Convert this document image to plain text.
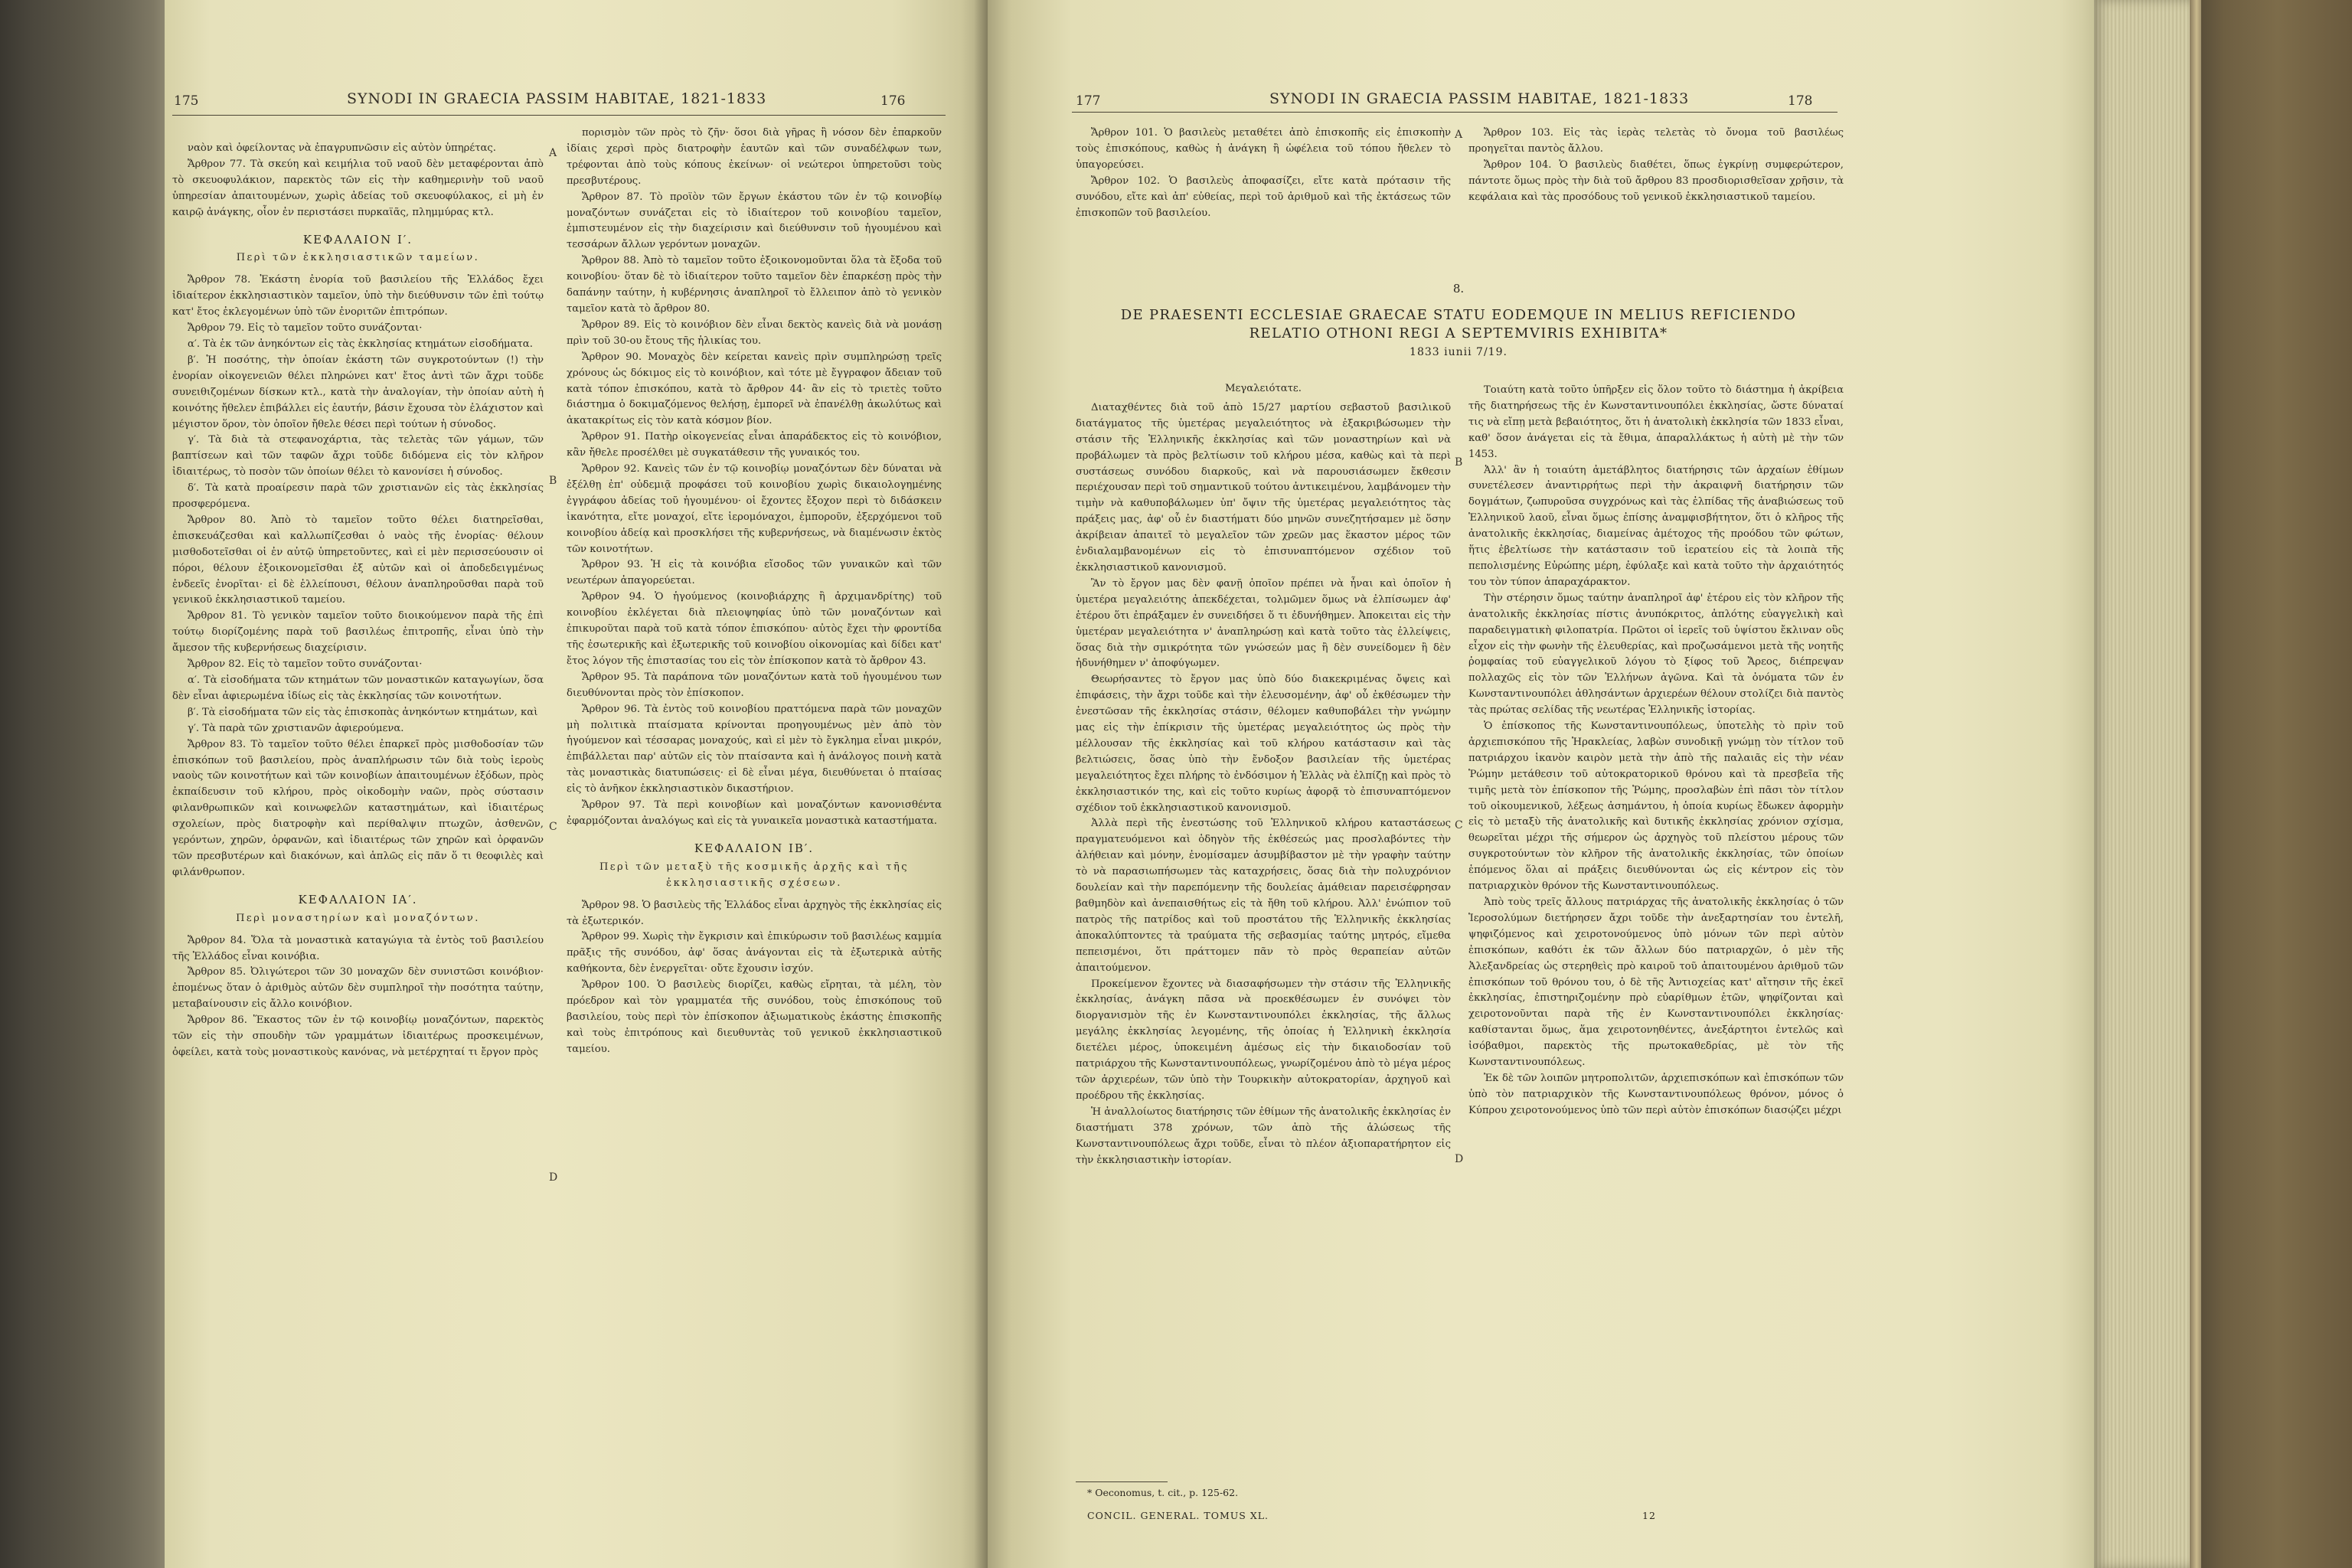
175	SYNODI IN GRAECIA PASSIM HABITAE, 1821-1833	176

ναὸν καὶ ὀφείλοντας νὰ ἐπαγρυπνῶσιν εἰς αὐτὸν ὑπηρέτας.

Ἄρθρον 77. Τὰ σκεύη καὶ κειμήλια τοῦ ναοῦ δὲν μεταφέρονται ἀπὸ τὸ σκευοφυλάκιον, παρεκτὸς τῶν εἰς τὴν καθημερινὴν τοῦ ναοῦ ὑπηρεσίαν ἀπαιτουμένων, χωρὶς ἀδείας τοῦ σκευοφύλακος, εἰ μὴ ἐν καιρῷ ἀνάγκης, οἷον ἐν περιστάσει πυρκαϊᾶς, πλημμύρας κτλ.

ΚΕΦΑΛΑΙΟΝ Ι′.

Περὶ τῶν ἐκκλησιαστικῶν ταμείων.

Ἄρθρον 78. Ἑκάστη ἐνορία τοῦ βασιλείου τῆς Ἑλλάδος ἔχει ἰδιαίτερον ἐκκλησιαστικὸν ταμεῖον, ὑπὸ τὴν διεύθυνσιν τῶν ἐπὶ τούτῳ κατ' ἔτος ἐκλεγομένων ὑπὸ τῶν ἐνοριτῶν ἐπιτρόπων.

Ἄρθρον 79. Εἰς τὸ ταμεῖον τοῦτο συνάζονται·

α′. Τὰ ἐκ τῶν ἀνηκόντων εἰς τὰς ἐκκλησίας κτημάτων εἰσοδήματα.

β′. Ἡ ποσότης, τὴν ὁποίαν ἑκάστη τῶν συγκροτούντων (!) τὴν ἐνορίαν οἰκογενειῶν θέλει πληρώνει κατ' ἔτος ἀντὶ τῶν ἄχρι τοῦδε συνειθιζομένων δίσκων κτλ., κατὰ τὴν ἀναλογίαν, τὴν ὁποίαν αὐτὴ ἡ κοινότης ἤθελεν ἐπιβάλλει εἰς ἑαυτήν, βάσιν ἔχουσα τὸν ἐλάχιστον καὶ μέγιστον ὅρον, τὸν ὁποῖον ἤθελε θέσει περὶ τούτων ἡ σύνοδος.

γ′. Τὰ διὰ τὰ στεφανοχάρτια, τὰς τελετὰς τῶν γάμων, τῶν βαπτίσεων καὶ τῶν ταφῶν ἄχρι τοῦδε διδόμενα εἰς τὸν κλῆρον ἰδιαιτέρως, τὸ ποσὸν τῶν ὁποίων θέλει τὸ κανονίσει ἡ σύνοδος.

δ′. Τὰ κατὰ προαίρεσιν παρὰ τῶν χριστιανῶν εἰς τὰς ἐκκλησίας προσφερόμενα.

Ἄρθρον 80. Ἀπὸ τὸ ταμεῖον τοῦτο θέλει διατηρεῖσθαι, ἐπισκευάζεσθαι καὶ καλλωπίζεσθαι ὁ ναὸς τῆς ἐνορίας· θέλουν μισθοδοτεῖσθαι οἱ ἐν αὐτῷ ὑπηρετοῦντες, καὶ εἰ μὲν περισσεύουσιν οἱ πόροι, θέλουν ἐξοικονομεῖσθαι ἐξ αὐτῶν καὶ οἱ ἀποδεδειγμένως ἐνδεεῖς ἐνορῖται· εἰ δὲ ἐλλείπουσι, θέλουν ἀναπληροῦσθαι παρὰ τοῦ γενικοῦ ἐκκλησιαστικοῦ ταμείου.

Ἄρθρον 81. Τὸ γενικὸν ταμεῖον τοῦτο διοικούμενον παρὰ τῆς ἐπὶ τούτῳ διορίζομένης παρὰ τοῦ βασιλέως ἐπιτροπῆς, εἶναι ὑπὸ τὴν ἄμεσον τῆς κυβερνήσεως διαχείρισιν.

Ἄρθρον 82. Εἰς τὸ ταμεῖον τοῦτο συνάζονται·

α′. Τὰ εἰσοδήματα τῶν κτημάτων τῶν μοναστικῶν καταγωγίων, ὅσα δὲν εἶναι ἀφιερωμένα ἰδίως εἰς τὰς ἐκκλησίας τῶν κοινοτήτων.

β′. Τὰ εἰσοδήματα τῶν εἰς τὰς ἐπισκοπὰς ἀνηκόντων κτημάτων, καὶ

γ′. Τὰ παρὰ τῶν χριστιανῶν ἀφιερούμενα.

Ἄρθρον 83. Τὸ ταμεῖον τοῦτο θέλει ἐπαρκεῖ πρὸς μισθοδοσίαν τῶν ἐπισκόπων τοῦ βασιλείου, πρὸς ἀναπλήρωσιν τῶν διὰ τοὺς ἱεροὺς ναοὺς τῶν κοινοτήτων καὶ τῶν κοινοβίων ἀπαιτουμένων ἐξόδων, πρὸς ἐκπαίδευσιν τοῦ κλήρου, πρὸς οἰκοδομὴν ναῶν, πρὸς σύστασιν φιλανθρωπικῶν καὶ κοινωφελῶν καταστημάτων, καὶ ἰδιαιτέρως σχολείων, πρὸς διατροφὴν καὶ περίθαλψιν πτωχῶν, ἀσθενῶν, γερόντων, χηρῶν, ὀρφανῶν, καὶ ἰδιαιτέρως τῶν χηρῶν καὶ ὀρφανῶν τῶν πρεσβυτέρων καὶ διακόνων, καὶ ἁπλῶς εἰς πᾶν ὅ τι θεοφιλὲς καὶ φιλάνθρωπον.

ΚΕΦΑΛΑΙΟΝ ΙΑ′.

Περὶ μοναστηρίων καὶ μοναζόντων.

Ἄρθρον 84. Ὅλα τὰ μοναστικὰ καταγώγια τὰ ἐντὸς τοῦ βασιλείου τῆς Ἑλλάδος εἶναι κοινόβια.

Ἄρθρον 85. Ὀλιγώτεροι τῶν 30 μοναχῶν δὲν συνιστῶσι κοινόβιον· ἐπομένως ὅταν ὁ ἀριθμὸς αὐτῶν δὲν συμπληροῖ τὴν ποσότητα ταύτην, μεταβαίνουσιν εἰς ἄλλο κοινόβιον.

Ἄρθρον 86. Ἕκαστος τῶν ἐν τῷ κοινοβίῳ μοναζόντων, παρεκτὸς τῶν εἰς τὴν σπουδὴν τῶν γραμμάτων ἰδιαιτέρως προσκειμένων, ὀφείλει, κατὰ τοὺς μοναστικοὺς κανόνας, νὰ μετέρχηταί τι ἔργον πρὸς

πορισμὸν τῶν πρὸς τὸ ζῆν· ὅσοι διὰ γῆρας ἢ νόσον δὲν ἐπαρκοῦν ἰδίαις χερσὶ πρὸς διατροφὴν ἑαυτῶν καὶ τῶν συναδέλφων των, τρέφονται ἀπὸ τοὺς κόπους ἐκείνων· οἱ νεώτεροι ὑπηρετοῦσι τοὺς πρεσβυτέρους.

Ἄρθρον 87. Τὸ προϊὸν τῶν ἔργων ἑκάστου τῶν ἐν τῷ κοινοβίῳ μοναζόντων συνάζεται εἰς τὸ ἰδιαίτερον τοῦ κοινοβίου ταμεῖον, ἐμπιστευμένον εἰς τὴν διαχείρισιν καὶ διεύθυνσιν τοῦ ἡγουμένου καὶ τεσσάρων ἄλλων γερόντων μοναχῶν.

Ἄρθρον 88. Ἀπὸ τὸ ταμεῖον τοῦτο ἐξοικονομοῦνται ὅλα τὰ ἔξοδα τοῦ κοινοβίου· ὅταν δὲ τὸ ἰδιαίτερον τοῦτο ταμεῖον δὲν ἐπαρκέσῃ πρὸς τὴν δαπάνην ταύτην, ἡ κυβέρνησις ἀναπληροῖ τὸ ἔλλειπον ἀπὸ τὸ γενικὸν ταμεῖον κατὰ τὸ ἄρθρον 80.

Ἄρθρον 89. Εἰς τὸ κοινόβιον δὲν εἶναι δεκτὸς κανεὶς διὰ νὰ μονάσῃ πρὶν τοῦ 30-ου ἔτους τῆς ἡλικίας του.

Ἄρθρον 90. Μοναχὸς δὲν κείρεται κανεὶς πρὶν συμπληρώσῃ τρεῖς χρόνους ὡς δόκιμος εἰς τὸ κοινόβιον, καὶ τότε μὲ ἔγγραφον ἄδειαν τοῦ κατὰ τόπον ἐπισκόπου, κατὰ τὸ ἄρθρον 44· ἂν εἰς τὸ τριετὲς τοῦτο διάστημα ὁ δοκιμαζόμενος θελήσῃ, ἐμπορεῖ νὰ ἐπανέλθῃ ἀκωλύτως καὶ ἀκατακρίτως εἰς τὸν κατὰ κόσμον βίον.

Ἄρθρον 91. Πατὴρ οἰκογενείας εἶναι ἀπαράδεκτος εἰς τὸ κοινόβιον, κἂν ἤθελε προσέλθει μὲ συγκατάθεσιν τῆς γυναικός του.

Ἄρθρον 92. Κανεὶς τῶν ἐν τῷ κοινοβίῳ μοναζόντων δὲν δύναται νὰ ἐξέλθῃ ἐπ' οὐδεμιᾷ προφάσει τοῦ κοινοβίου χωρὶς δικαιολογημένης ἐγγράφου ἀδείας τοῦ ἡγουμένου· οἱ ἔχοντες ἔξοχον περὶ τὸ διδάσκειν ἱκανότητα, εἴτε μοναχοί, εἴτε ἱερομόναχοι, ἐμποροῦν, ἐξερχόμενοι τοῦ κοινοβίου ἀδείᾳ καὶ προσκλήσει τῆς κυβερνήσεως, νὰ διαμένωσιν ἐκτὸς τῶν κοινοτήτων.

Ἄρθρον 93. Ἡ εἰς τὰ κοινόβια εἴσοδος τῶν γυναικῶν καὶ τῶν νεωτέρων ἀπαγορεύεται.

Ἄρθρον 94. Ὁ ἡγούμενος (κοινοβιάρχης ἢ ἀρχιμανδρίτης) τοῦ κοινοβίου ἐκλέγεται διὰ πλειοψηφίας ὑπὸ τῶν μοναζόντων καὶ ἐπικυροῦται παρὰ τοῦ κατὰ τόπον ἐπισκόπου· αὐτὸς ἔχει τὴν φροντίδα τῆς ἐσωτερικῆς καὶ ἐξωτερικῆς τοῦ κοινοβίου οἰκονομίας καὶ δίδει κατ' ἔτος λόγον τῆς ἐπιστασίας του εἰς τὸν ἐπίσκοπον κατὰ τὸ ἄρθρον 43.

Ἄρθρον 95. Τὰ παράπονα τῶν μοναζόντων κατὰ τοῦ ἡγουμένου των διευθύνονται πρὸς τὸν ἐπίσκοπον.

Ἄρθρον 96. Τὰ ἐντὸς τοῦ κοινοβίου πραττόμενα παρὰ τῶν μοναχῶν μὴ πολιτικὰ πταίσματα κρίνονται προηγουμένως μὲν ἀπὸ τὸν ἡγούμενον καὶ τέσσαρας μοναχούς, καὶ εἰ μὲν τὸ ἔγκλημα εἶναι μικρόν, ἐπιβάλλεται παρ' αὐτῶν εἰς τὸν πταίσαντα καὶ ἡ ἀνάλογος ποινὴ κατὰ τὰς μοναστικὰς διατυπώσεις· εἰ δὲ εἶναι μέγα, διευθύνεται ὁ πταίσας εἰς τὸ ἀνῆκον ἐκκλησιαστικὸν δικαστήριον.

Ἄρθρον 97. Τὰ περὶ κοινοβίων καὶ μοναζόντων κανονισθέντα ἐφαρμόζονται ἀναλόγως καὶ εἰς τὰ γυναικεῖα μοναστικὰ καταστήματα.

ΚΕΦΑΛΑΙΟΝ ΙΒ′.

Περὶ τῶν μεταξὺ τῆς κοσμικῆς ἀρχῆς καὶ τῆς ἐκκλησιαστικῆς σχέσεων.

Ἄρθρον 98. Ὁ βασιλεὺς τῆς Ἑλλάδος εἶναι ἀρχηγὸς τῆς ἐκκλησίας εἰς τὰ ἐξωτερικόν.

Ἄρθρον 99. Χωρὶς τὴν ἔγκρισιν καὶ ἐπικύρωσιν τοῦ βασιλέως καμμία πρᾶξις τῆς συνόδου, ἀφ' ὅσας ἀνάγονται εἰς τὰ ἐξωτερικὰ αὐτῆς καθήκοντα, δὲν ἐνεργεῖται· οὔτε ἔχουσιν ἰσχύν.

Ἄρθρον 100. Ὁ βασιλεὺς διορίζει, καθὼς εἴρηται, τὰ μέλη, τὸν πρόεδρον καὶ τὸν γραμματέα τῆς συνόδου, τοὺς ἐπισκόπους τοῦ βασιλείου, τοὺς περὶ τὸν ἐπίσκοπον ἀξιωματικοὺς ἑκάστης ἐπισκοπῆς καὶ τοὺς ἐπιτρόπους καὶ διευθυντὰς τοῦ γενικοῦ ἐκκλησιαστικοῦ ταμείου.

A
B
C
D
177	SYNODI IN GRAECIA PASSIM HABITAE, 1821-1833	178

Ἄρθρον 101. Ὁ βασιλεὺς μεταθέτει ἀπὸ ἐπισκοπῆς εἰς ἐπισκοπὴν τοὺς ἐπισκόπους, καθὼς ἡ ἀνάγκη ἢ ὠφέλεια τοῦ τόπου ἤθελεν τὸ ὑπαγορεύσει.

Ἄρθρον 102. Ὁ βασιλεὺς ἀποφασίζει, εἴτε κατὰ πρότασιν τῆς συνόδου, εἴτε καὶ ἀπ' εὐθείας, περὶ τοῦ ἀριθμοῦ καὶ τῆς ἐκτάσεως τῶν ἐπισκοπῶν τοῦ βασιλείου.

Ἄρθρον 103. Εἰς τὰς ἱερὰς τελετὰς τὸ ὄνομα τοῦ βασιλέως προηγεῖται παντὸς ἄλλου.

Ἄρθρον 104. Ὁ βασιλεὺς διαθέτει, ὅπως ἐγκρίνῃ συμφερώτερον, πάντοτε ὅμως πρὸς τὴν διὰ τοῦ ἄρθρου 83 προσδιορισθεῖσαν χρῆσιν, τὰ κεφάλαια καὶ τὰς προσόδους τοῦ γενικοῦ ἐκκλησιαστικοῦ ταμείου.

8.
DE PRAESENTI ECCLESIAE GRAECAE STATU EODEMQUE IN MELIUS REFICIENDO
RELATIO OTHONI REGI A SEPTEMVIRIS EXHIBITA*
1833 iunii 7/19.

Μεγαλειότατε.

Διαταχθέντες διὰ τοῦ ἀπὸ 15/27 μαρτίου σεβαστοῦ βασιλικοῦ διατάγματος τῆς ὑμετέρας μεγαλειότητος νὰ ἐξακριβώσωμεν τὴν στάσιν τῆς Ἑλληνικῆς ἐκκλησίας καὶ τῶν μοναστηρίων καὶ νὰ προβάλωμεν τὰ πρὸς βελτίωσιν τοῦ κλήρου μέσα, καθὼς καὶ τὰ περὶ συστάσεως συνόδου διαρκοῦς, καὶ νὰ παρουσιάσωμεν ἔκθεσιν περιέχουσαν περὶ τοῦ σημαντικοῦ τούτου ἀντικειμένου, λαμβάνομεν τὴν τιμὴν νὰ καθυποβάλωμεν ὑπ' ὄψιν τῆς ὑμετέρας μεγαλειότητος τὰς πράξεις μας, ἀφ' οὗ ἐν διαστήματι δύο μηνῶν συνεζητήσαμεν μὲ ὅσην ἀκρίβειαν ἀπαιτεῖ τὸ μεγαλεῖον τῶν χρεῶν μας ἕκαστον μέρος τῶν ἐνδιαλαμβανομένων εἰς τὸ ἐπισυναπτόμενον σχέδιον τοῦ ἐκκλησιαστικοῦ κανονισμοῦ.

Ἂν τὸ ἔργον μας δὲν φανῇ ὁποῖον πρέπει νὰ ἦναι καὶ ὁποῖον ἡ ὑμετέρα μεγαλειότης ἀπεκδέχεται, τολμῶμεν ὅμως νὰ ἐλπίσωμεν ἀφ' ἑτέρου ὅτι ἐπράξαμεν ἐν συνειδήσει ὅ τι ἐδυνήθημεν. Ἀποκειται εἰς τὴν ὑμετέραν μεγαλειότητα ν' ἀναπληρώσῃ καὶ κατὰ τοῦτο τὰς ἐλλείψεις, ὅσας διὰ τὴν σμικρότητα τῶν γνώσεών μας ἢ δὲν συνείδομεν ἢ δὲν ἠδυνήθημεν ν' ἀποφύγωμεν.

Θεωρήσαντες τὸ ἔργον μας ὑπὸ δύο διακεκριμένας ὄψεις καὶ ἐπιφάσεις, τὴν ἄχρι τοῦδε καὶ τὴν ἐλευσομένην, ἀφ' οὗ ἐκθέσωμεν τὴν ἐνεστῶσαν τῆς ἐκκλησίας στάσιν, θέλομεν καθυποβάλει τὴν γνώμην μας εἰς τὴν ἐπίκρισιν τῆς ὑμετέρας μεγαλειότητος ὡς πρὸς τὴν μέλλουσαν τῆς ἐκκλησίας καὶ τοῦ κλήρου κατάστασιν καὶ τὰς βελτιώσεις, ὅσας ὑπὸ τὴν ἔνδοξον βασιλείαν τῆς ὑμετέρας μεγαλειότητος ἔχει πλήρης τὸ ἐνδόσιμον ἡ Ἑλλὰς νὰ ἐλπίζῃ καὶ πρὸς τὸ ἐκκλησιαστικόν της, καὶ εἰς τοῦτο κυρίως ἀφορᾷ τὸ ἐπισυναπτόμενον σχέδιον τοῦ ἐκκλησιαστικοῦ κανονισμοῦ.

Ἀλλὰ περὶ τῆς ἐνεστώσης τοῦ Ἑλληνικοῦ κλήρου καταστάσεως πραγματευόμενοι καὶ ὁδηγὸν τῆς ἐκθέσεώς μας προσλαβόντες τὴν ἀλήθειαν καὶ μόνην, ἐνομίσαμεν ἀσυμβίβαστον μὲ τὴν γραφὴν ταύτην τὸ νὰ παρασιωπήσωμεν τὰς καταχρήσεις, ὅσας διὰ τὴν πολυχρόνιον δουλείαν καὶ τὴν παρεπόμενην τῆς δουλείας ἀμάθειαν παρεισέφρησαν βαθμηδὸν καὶ ἀνεπαισθήτως εἰς τὰ ἤθη τοῦ κλήρου. Ἀλλ' ἐνώπιον τοῦ πατρὸς τῆς πατρίδος καὶ τοῦ προστάτου τῆς Ἑλληνικῆς ἐκκλησίας ἀποκαλύπτοντες τὰ τραύματα τῆς σεβασμίας ταύτης μητρός, εἴμεθα πεπεισμένοι, ὅτι πράττομεν πᾶν τὸ πρὸς θεραπείαν αὐτῶν ἀπαιτούμενον.

Προκείμενον ἔχοντες νὰ διασαφήσωμεν τὴν στάσιν τῆς Ἑλληνικῆς ἐκκλησίας, ἀνάγκη πᾶσα νὰ προεκθέσωμεν ἐν συνόψει τὸν διοργανισμὸν τῆς ἐν Κωνσταντινουπόλει ἐκκλησίας, τῆς ἄλλως μεγάλης ἐκκλησίας λεγομένης, τῆς ὁποίας ἡ Ἑλληνικὴ ἐκκλησία διετέλει μέρος, ὑποκειμένη ἀμέσως εἰς τὴν δικαιοδοσίαν τοῦ πατριάρχου τῆς Κωνσταντινουπόλεως, γνωρίζομένου ἀπὸ τὸ μέγα μέρος τῶν ἀρχιερέων, τῶν ὑπὸ τὴν Τουρκικὴν αὐτοκρατορίαν, ἀρχηγοῦ καὶ προέδρου τῆς ἐκκλησίας.

Ἡ ἀναλλοίωτος διατήρησις τῶν ἐθίμων τῆς ἀνατολικῆς ἐκκλησίας ἐν διαστήματι 378 χρόνων, τῶν ἀπὸ τῆς ἁλώσεως τῆς Κωνσταντινουπόλεως ἄχρι τοῦδε, εἶναι τὸ πλέον ἀξιοπαρατήρητον εἰς τὴν ἐκκλησιαστικὴν ἱστορίαν.

Τοιαύτη κατὰ τοῦτο ὑπῆρξεν εἰς ὅλον τοῦτο τὸ διάστημα ἡ ἀκρίβεια τῆς διατηρήσεως τῆς ἐν Κωνσταντινουπόλει ἐκκλησίας, ὥστε δύναταί τις νὰ εἴπῃ μετὰ βεβαιότητος, ὅτι ἡ ἀνατολικὴ ἐκκλησία τῶν 1833 εἶναι, καθ' ὅσον ἀνάγεται εἰς τὰ ἔθιμα, ἀπαραλλάκτως ἡ αὐτὴ μὲ τὴν τῶν 1453.

Ἀλλ' ἂν ἡ τοιαύτη ἀμετάβλητος διατήρησις τῶν ἀρχαίων ἐθίμων συνετέλεσεν ἀναντιρρήτως περὶ τὴν ἀκραιφνῆ διατήρησιν τῶν δογμάτων, ζωπυροῦσα συγχρόνως καὶ τὰς ἐλπίδας τῆς ἀναβιώσεως τοῦ Ἑλληνικοῦ λαοῦ, εἶναι ὅμως ἐπίσης ἀναμφισβήτητον, ὅτι ὁ κλῆρος τῆς ἀνατολικῆς ἐκκλησίας, διαμείνας ἀμέτοχος τῆς προόδου τῶν φώτων, ἥτις ἐβελτίωσε τὴν κατάστασιν τοῦ ἱερατείου εἰς τὰ λοιπὰ τῆς πεπολισμένης Εὐρώπης μέρη, ἐφύλαξε καὶ κατὰ τοῦτο τὴν ἀρχαιότητός του τὸν τύπον ἀπαραχάρακτον.

Τὴν στέρησιν ὅμως ταύτην ἀναπληροῖ ἀφ' ἑτέρου εἰς τὸν κλῆρον τῆς ἀνατολικῆς ἐκκλησίας πίστις ἀνυπόκριτος, ἁπλότης εὐαγγελικὴ καὶ παραδειγματικὴ φιλοπατρία. Πρῶτοι οἱ ἱερεῖς τοῦ ὑψίστου ἔκλιναν οὓς εἶχον εἰς τὴν φωνὴν τῆς ἐλευθερίας, καὶ προζωσάμενοι μετὰ τῆς νοητῆς ῥομφαίας τοῦ εὐαγγελικοῦ λόγου τὸ ξίφος τοῦ Ἄρεος, διέπρεψαν πολλαχῶς εἰς τὸν τῶν Ἑλλήνων ἀγῶνα. Καὶ τὰ ὀνόματα τῶν ἐν Κωνσταντινουπόλει ἀθλησάντων ἀρχιερέων θέλουν στολίζει διὰ παντὸς τὰς πρώτας σελίδας τῆς νεωτέρας Ἑλληνικῆς ἱστορίας.

Ὁ ἐπίσκοπος τῆς Κωνσταντινουπόλεως, ὑποτελὴς τὸ πρὶν τοῦ ἀρχιεπισκόπου τῆς Ἡρακλείας, λαβὼν συνοδικῇ γνώμῃ τὸν τίτλον τοῦ πατριάρχου ἱκανὸν καιρὸν μετὰ τὴν ἀπὸ τῆς παλαιᾶς εἰς τὴν νέαν Ῥώμην μετάθεσιν τοῦ αὐτοκρατορικοῦ θρόνου καὶ τὰ πρεσβεῖα τῆς τιμῆς μετὰ τὸν ἐπίσκοπον τῆς Ῥώμης, προσλαβὼν ἐπὶ πᾶσι τὸν τίτλον τοῦ οἰκουμενικοῦ, λέξεως ἀσημάντου, ἡ ὁποία κυρίως ἔδωκεν ἀφορμὴν εἰς τὸ μεταξὺ τῆς ἀνατολικῆς καὶ δυτικῆς ἐκκλησίας χρόνιον σχίσμα, θεωρεῖται μέχρι τῆς σήμερον ὡς ἀρχηγὸς τοῦ πλείστου μέρους τῶν συγκροτούντων τὸν κλῆρον τῆς ἀνατολικῆς ἐκκλησίας, τῶν ὁποίων ἑπόμενος ὅλαι αἱ πράξεις διευθύνονται ὡς εἰς κέντρον εἰς τὸν πατριαρχικὸν θρόνον τῆς Κωνσταντινουπόλεως.

Ἀπὸ τοὺς τρεῖς ἄλλους πατριάρχας τῆς ἀνατολικῆς ἐκκλησίας ὁ τῶν Ἱεροσολύμων διετήρησεν ἄχρι τοῦδε τὴν ἀνεξαρτησίαν του ἐντελῆ, ψηφιζόμενος καὶ χειροτονούμενος ὑπὸ μόνων τῶν περὶ αὐτὸν ἐπισκόπων, καθότι ἐκ τῶν ἄλλων δύο πατριαρχῶν, ὁ μὲν τῆς Ἀλεξανδρείας ὡς στερηθεὶς πρὸ καιροῦ τοῦ ἀπαιτουμένου ἀριθμοῦ τῶν ἐπισκόπων τοῦ θρόνου του, ὁ δὲ τῆς Ἀντιοχείας κατ' αἴτησιν τῆς ἐκεῖ ἐκκλησίας, ἐπιστηριζομένην πρὸ εὐαρίθμων ἐτῶν, ψηφίζονται καὶ χειροτονοῦνται παρὰ τῆς ἐν Κωνσταντινουπόλει ἐκκλησίας· καθίστανται ὅμως, ἅμα χειροτονηθέντες, ἀνεξάρτητοι ἐντελῶς καὶ ἰσόβαθμοι, παρεκτὸς τῆς πρωτοκαθεδρίας, μὲ τὸν τῆς Κωνσταντινουπόλεως.

Ἐκ δὲ τῶν λοιπῶν μητροπολιτῶν, ἀρχιεπισκόπων καὶ ἐπισκόπων τῶν ὑπὸ τὸν πατριαρχικὸν τῆς Κωνσταντινουπόλεως θρόνον, μόνος ὁ Κύπρου χειροτονούμενος ὑπὸ τῶν περὶ αὐτὸν ἐπισκόπων διασῴζει μέχρι

A
B
C
D
* Oeconomus, t. cit., p. 125-62.
CONCIL. GENERAL. TOMUS XL.	12
